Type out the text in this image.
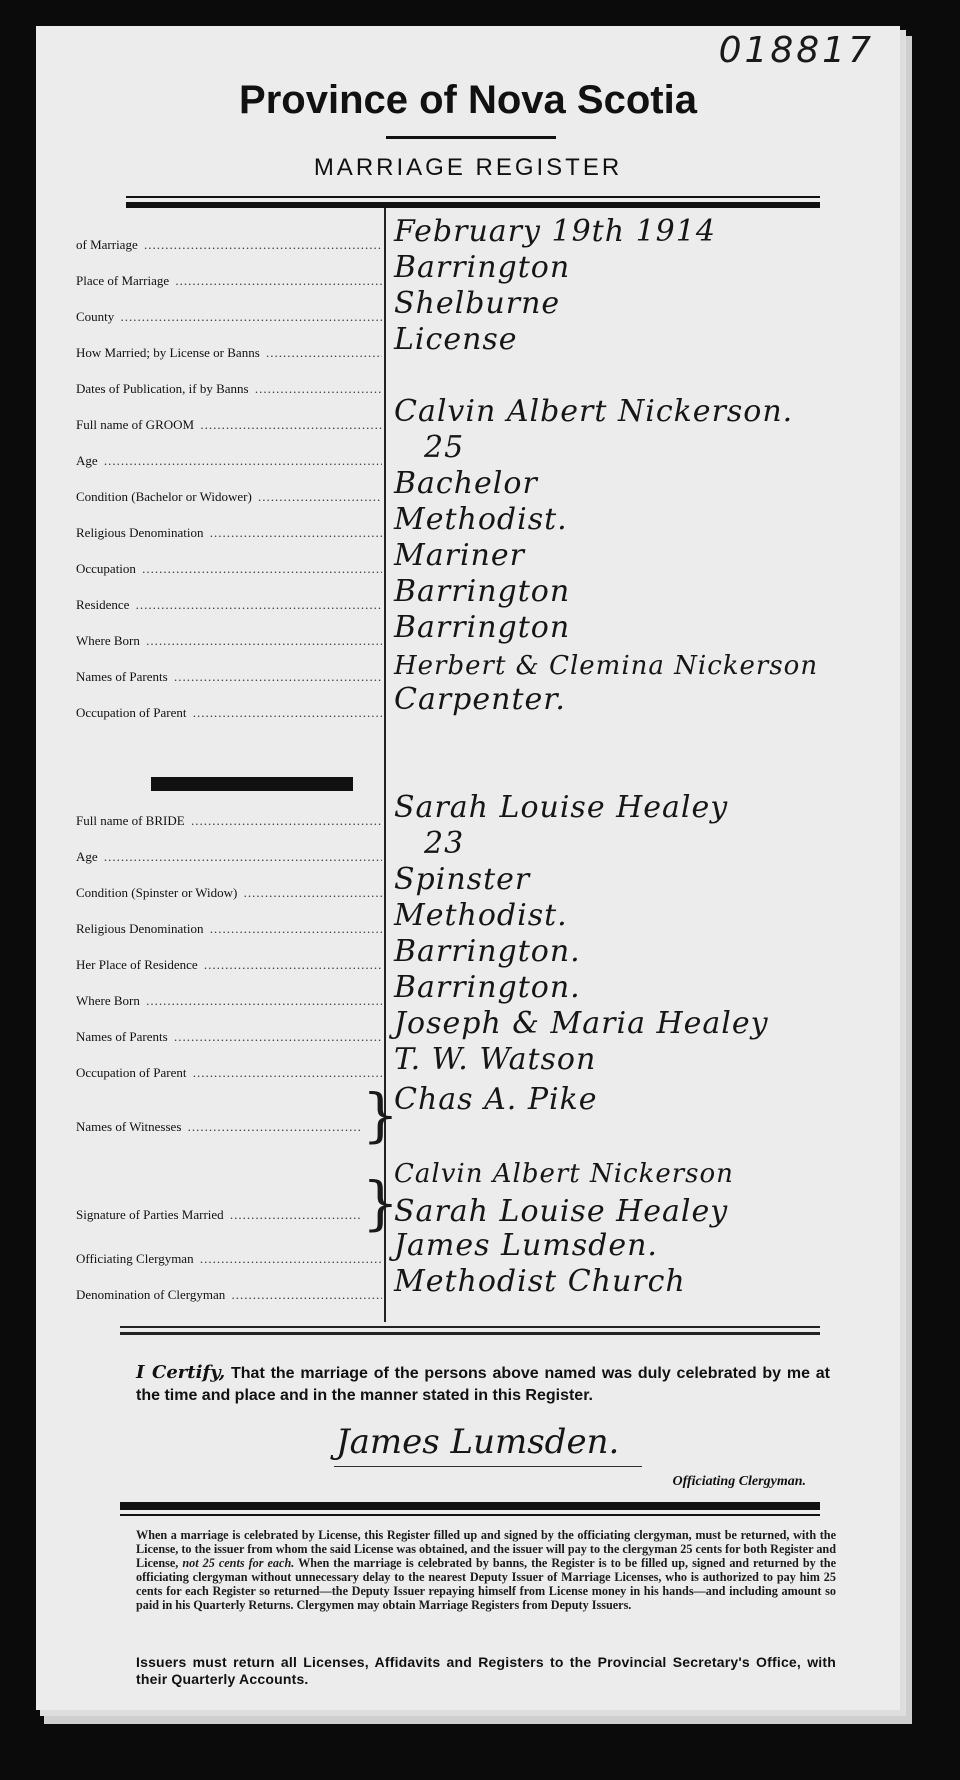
018817
Province of Nova Scotia
MARRIAGE REGISTER
of Marriage .....	February 19th 1914
Place of Marriage .....	Barrington
County .....	Shelburne
How Married; by License or Banns .....	License
Dates of Publication, if by Banns .....
Full name of GROOM .....	Calvin Albert Nickerson.
Age .....	25
Condition (Bachelor or Widower) .....	Bachelor
Religious Denomination .....	Methodist.
Occupation .....	Mariner
Residence .....	Barrington
Where Born .....	Barrington
Names of Parents .....	Herbert & Clemina Nickerson
Occupation of Parent .....	Carpenter.
Full name of BRIDE .....	Sarah Louise Healey
Age .....	23
Condition (Spinster or Widow) .....	Spinster
Religious Denomination .....	Methodist.
Her Place of Residence .....	Barrington.
Where Born .....	Barrington.
Names of Parents .....	Joseph & Maria Healey
Occupation of Parent .....	T. W. Watson
Names of Witnesses .....	}
Chas A. Pike
Signature of Parties Married .....	}
Calvin Albert Nickerson
Sarah Louise Healey
Officiating Clergyman .....	James Lumsden.
Denomination of Clergyman .....	Methodist Church
I Certify, That the marriage of the persons above named was duly celebrated by me at the time and place and in the manner stated in this Register.
James Lumsden.
Officiating Clergyman.
When a marriage is celebrated by License, this Register filled up and signed by the officiating clergyman, must be returned, with the License, to the issuer from whom the said License was obtained, and the issuer will pay to the clergyman 25 cents for both Register and License, not 25 cents for each. When the marriage is celebrated by banns, the Register is to be filled up, signed and returned by the officiating clergyman without unnecessary delay to the nearest Deputy Issuer of Marriage Licenses, who is authorized to pay him 25 cents for each Register so returned—the Deputy Issuer repaying himself from License money in his hands—and including amount so paid in his Quarterly Returns. Clergymen may obtain Marriage Registers from Deputy Issuers.
Issuers must return all Licenses, Affidavits and Registers to the Provincial Secretary's Office, with their Quarterly Accounts.
